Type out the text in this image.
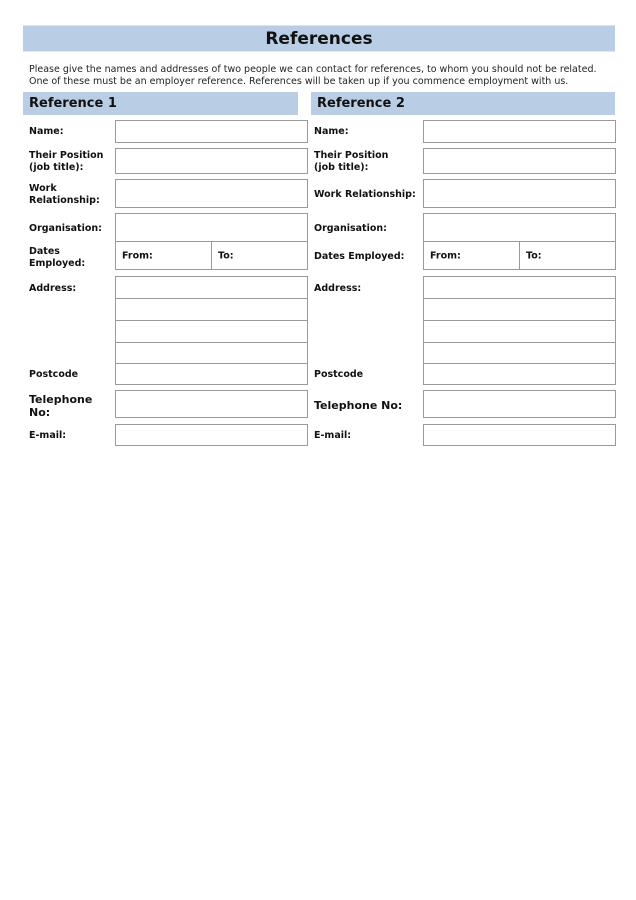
References
Please give the names and addresses of two people we can contact for references, to whom you should not be related.
One of these must be an employer reference. References will be taken up if you commence employment with us.
Reference 1
Name:
Their Position
(job title):
Work
Relationship:
Organisation:
Dates
Employed:
From:	To:
Address:
Postcode
Telephone
No:
E-mail:
Reference 2
Name:
Their Position
(job title):
Work Relationship:
Organisation:
Dates Employed:	From:	To:
Address:
Postcode
Telephone No:
E-mail:
